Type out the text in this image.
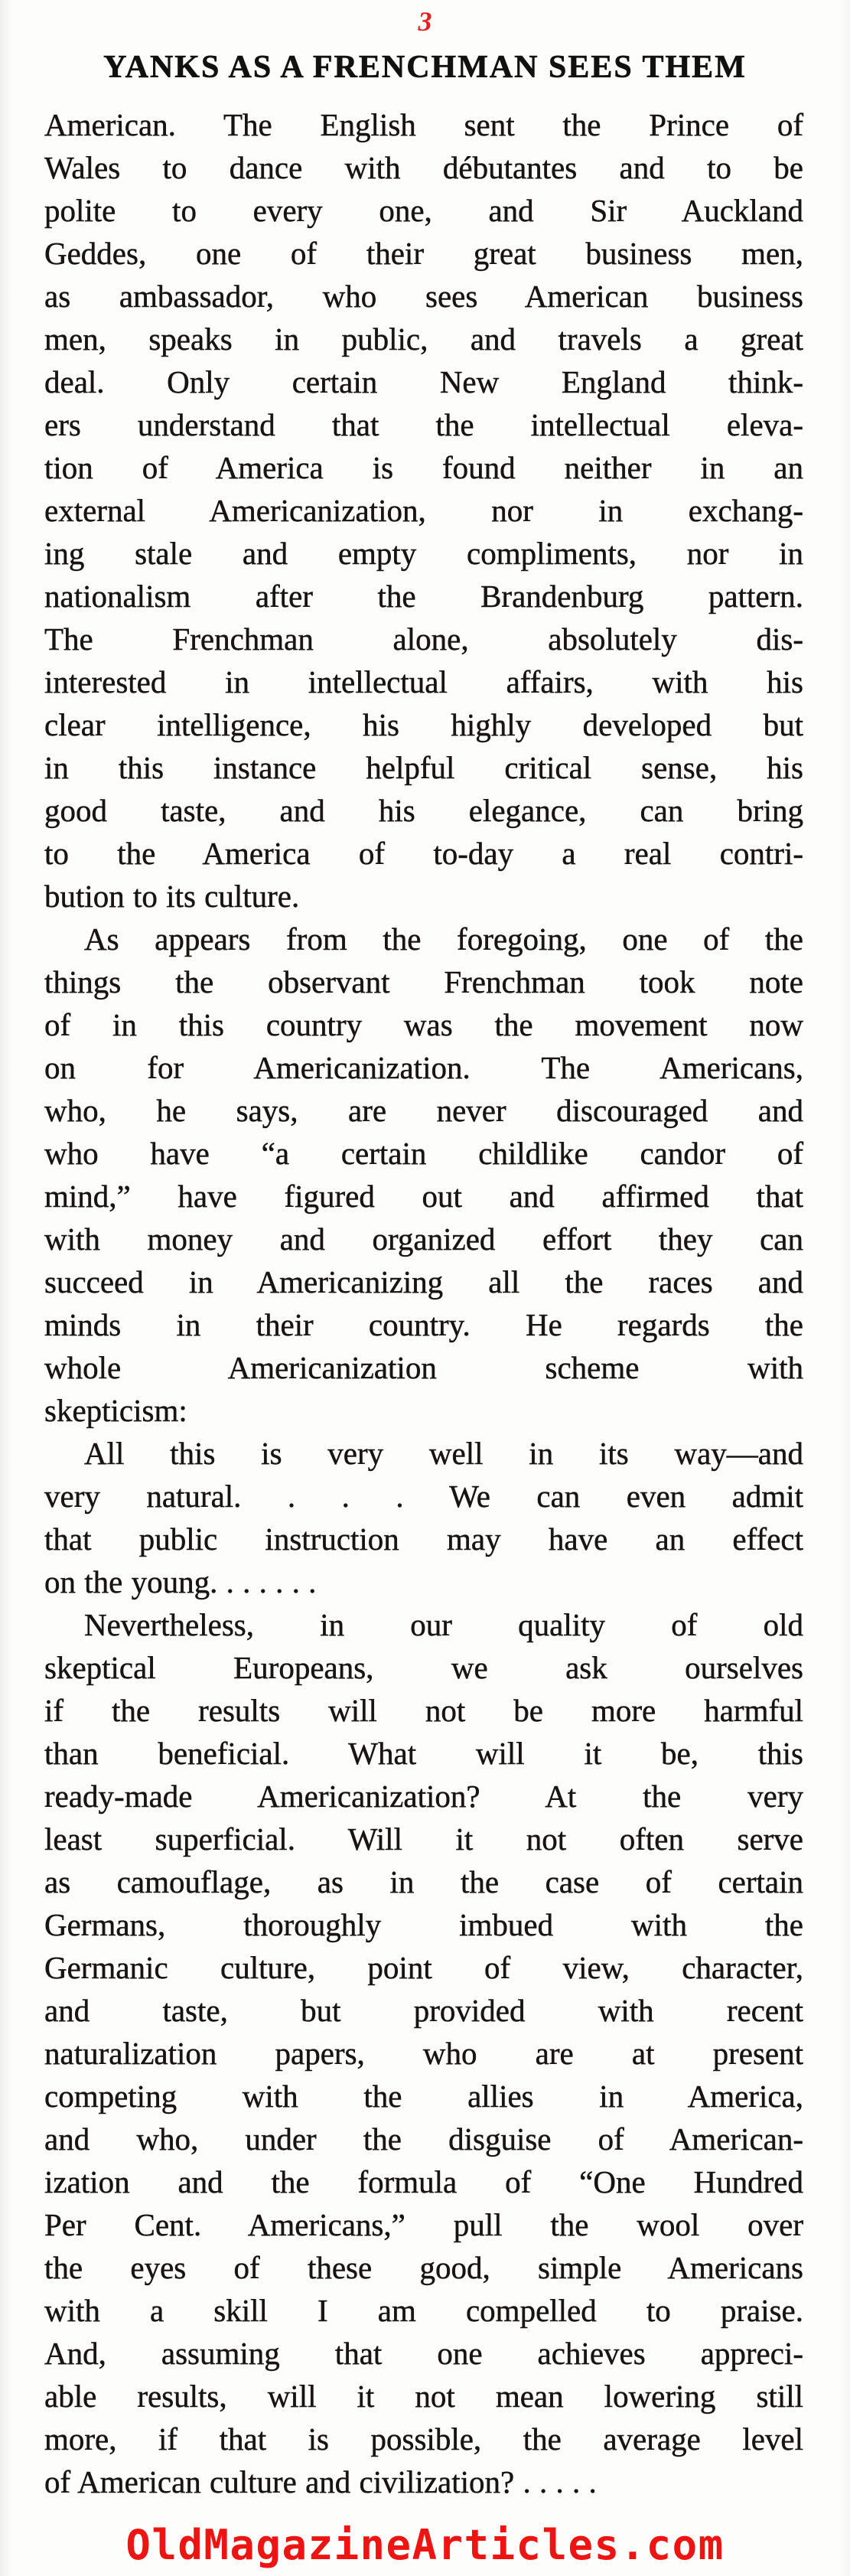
3
YANKS AS A FRENCHMAN SEES THEM
American. The English sent the Prince of
Wales to dance with débutantes and to be
polite to every one, and Sir Auckland
Geddes, one of their great business men,
as ambassador, who sees American business
men, speaks in public, and travels a great
deal. Only certain New England think-
ers understand that the intellectual eleva-
tion of America is found neither in an
external Americanization, nor in exchang-
ing stale and empty compliments, nor in
nationalism after the Brandenburg pattern.
The Frenchman alone, absolutely dis-
interested in intellectual affairs, with his
clear intelligence, his highly developed but
in this instance helpful critical sense, his
good taste, and his elegance, can bring
to the America of to-day a real contri-
bution to its culture.
As appears from the foregoing, one of the
things the observant Frenchman took note
of in this country was the movement now
on for Americanization. The Americans,
who, he says, are never discouraged and
who have “a certain childlike candor of
mind,” have figured out and affirmed that
with money and organized effort they can
succeed in Americanizing all the races and
minds in their country. He regards the
whole Americanization scheme with
skepticism:
All this is very well in its way—and
very natural. . . . We can even admit
that public instruction may have an effect
on the young. . . . . . .
Nevertheless, in our quality of old
skeptical Europeans, we ask ourselves
if the results will not be more harmful
than beneficial. What will it be, this
ready-made Americanization? At the very
least superficial. Will it not often serve
as camouflage, as in the case of certain
Germans, thoroughly imbued with the
Germanic culture, point of view, character,
and taste, but provided with recent
naturalization papers, who are at present
competing with the allies in America,
and who, under the disguise of American-
ization and the formula of “One Hundred
Per Cent. Americans,” pull the wool over
the eyes of these good, simple Americans
with a skill I am compelled to praise.
And, assuming that one achieves appreci-
able results, will it not mean lowering still
more, if that is possible, the average level
of American culture and civilization? . . . . .
OldMagazineArticles.com
